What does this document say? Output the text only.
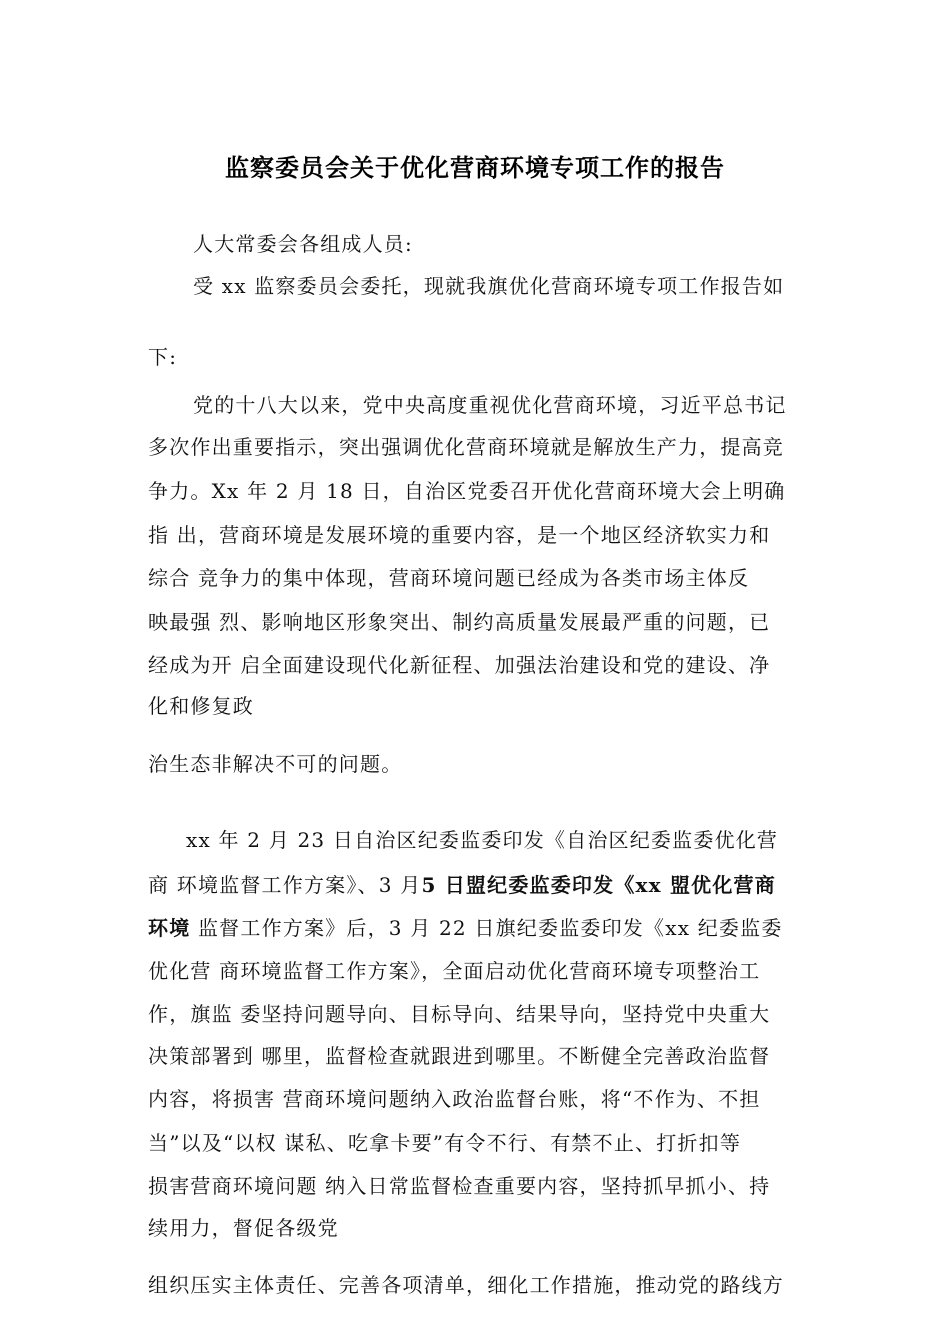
监察委员会关于优化营商环境专项工作的报告
人大常委会各组成人员:
受 xx 监察委员会委托，现就我旗优化营商环境专项工作报告如
下:
党的十八大以来，党中央高度重视优化营商环境，习近平总书记
多次作出重要指示，突出强调优化营商环境就是解放生产力，提高竞
争力。Xx 年 2 月 18 日，自治区党委召开优化营商环境大会上明确
指 出，营商环境是发展环境的重要内容，是一个地区经济软实力和
综合 竞争力的集中体现，营商环境问题已经成为各类市场主体反
映最强 烈、影响地区形象突出、制约高质量发展最严重的问题，已
经成为开 启全面建设现代化新征程、加强法治建设和党的建设、净
化和修复政
治生态非解决不可的问题。
xx 年 2 月 23 日自治区纪委监委印发《自治区纪委监委优化营
商 环境监督工作方案》、3 月5 日盟纪委监委印发《xx 盟优化营商
环境 监督工作方案》后，3 月 22 日旗纪委监委印发《xx 纪委监委
优化营 商环境监督工作方案》，全面启动优化营商环境专项整治工
作，旗监 委坚持问题导向、目标导向、结果导向，坚持党中央重大
决策部署到 哪里，监督检查就跟进到哪里。不断健全完善政治监督
内容，将损害 营商环境问题纳入政治监督台账，将“不作为、不担
当”以及“以权 谋私、吃拿卡要”有令不行、有禁不止、打折扣等
损害营商环境问题 纳入日常监督检查重要内容，坚持抓早抓小、持
续用力，督促各级党
组织压实主体责任、完善各项清单，细化工作措施，推动党的路线方
